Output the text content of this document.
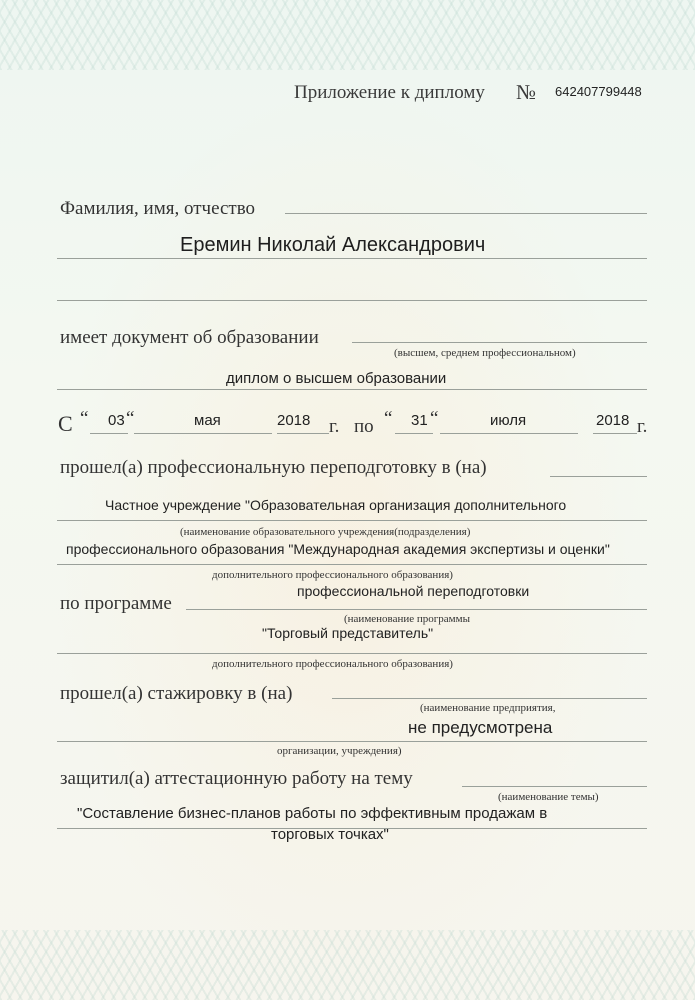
Приложение к диплому № 642407799448
Фамилия, имя, отчество
Еремин Николай Александрович
имеет документ об образовании
(высшем, среднем профессиональном)
диплом о высшем образовании
С “ 03 “	мая	2018 г. по “ 31 “	июля	2018 г.
прошел(а) профессиональную переподготовку в (на)
Частное учреждение "Образовательная организация дополнительного
(наименование образовательного учреждения(подразделения)
профессионального образования "Международная академия экспертизы и оценки"
дополнительного профессионального образования)
по программе
профессиональной переподготовки
(наименование программы
"Торговый представитель"
дополнительного профессионального образования)
прошел(а) стажировку в (на)
(наименование предприятия,
не предусмотрена
организации, учреждения)
защитил(а) аттестационную работу на тему
(наименование темы)
"Составление бизнес-планов работы по эффективным продажам в
торговых точках"
